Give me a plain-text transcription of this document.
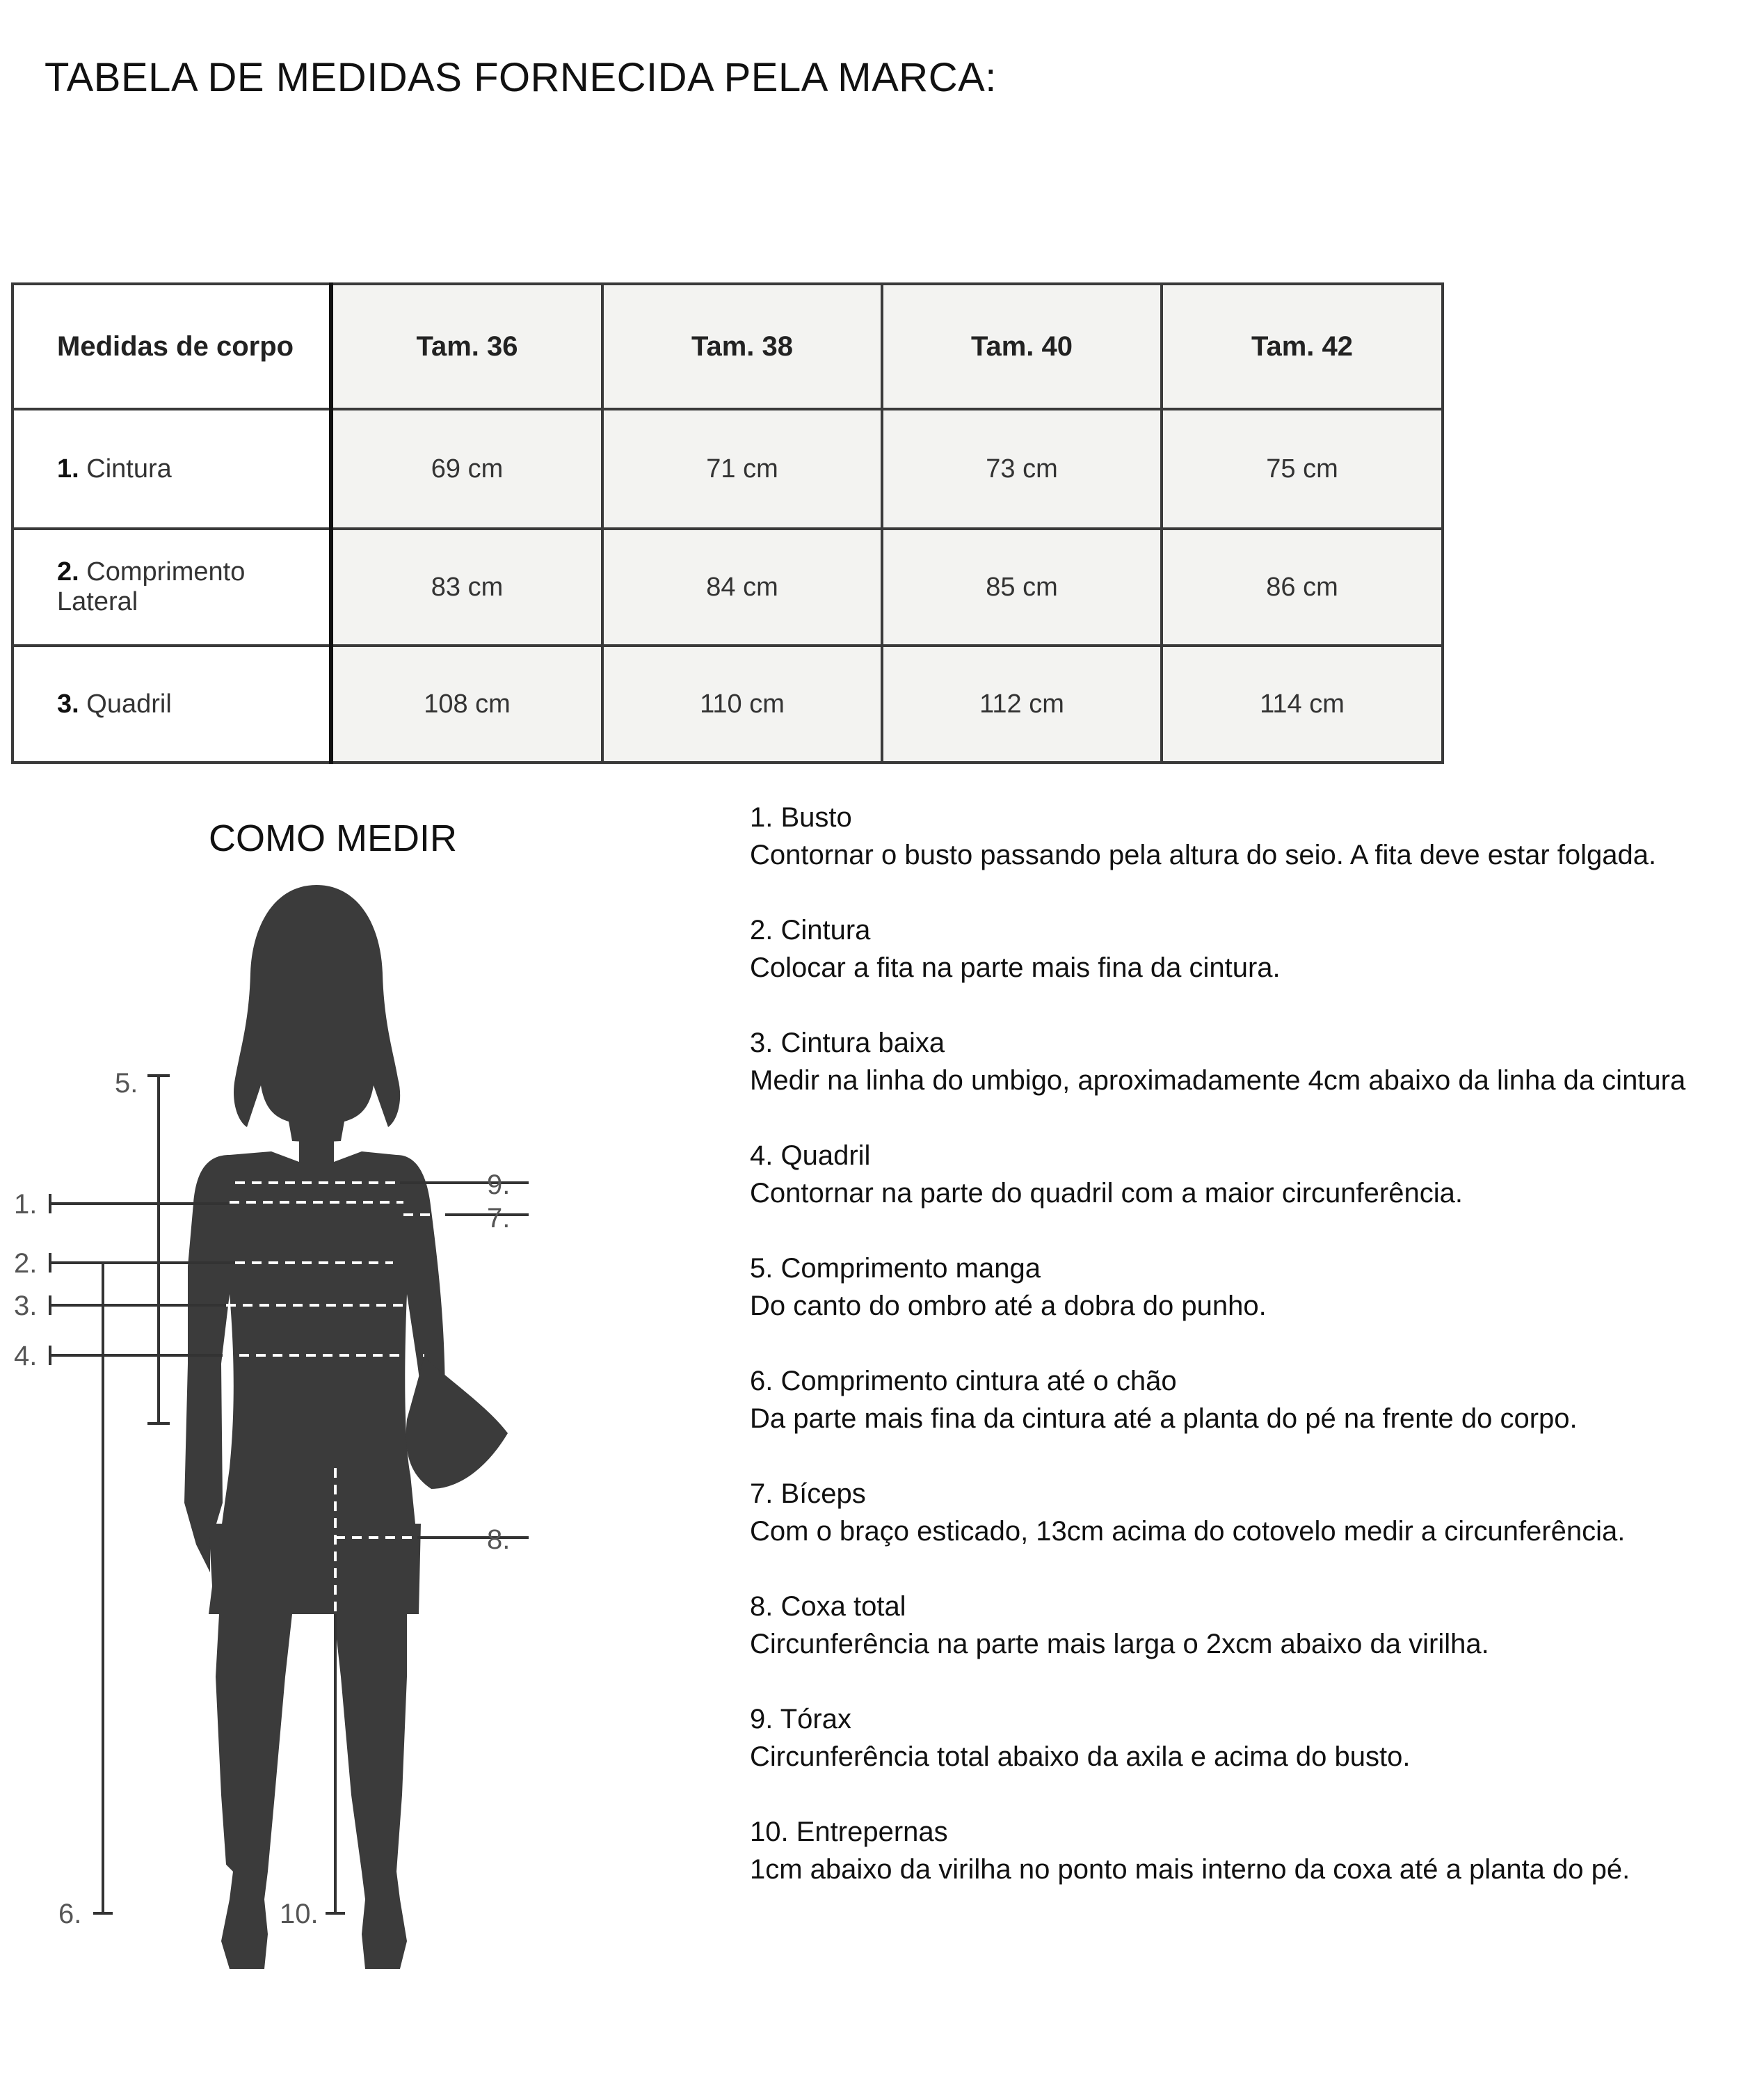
TABELA DE MEDIDAS FORNECIDA PELA MARCA:
Medidas de corpo	Tam. 36	Tam. 38	Tam. 40	Tam. 42
1. Cintura	69 cm	71 cm	73 cm	75 cm
2. Comprimento Lateral	83 cm	84 cm	85 cm	86 cm
3. Quadril	108 cm	110 cm	112 cm	114 cm
COMO MEDIR
1.
2.
3.
4.
5.
6.
7.
8.
9.
10.
1. Busto
Contornar o busto passando pela altura do seio. A fita deve estar folgada.
2. Cintura
Colocar a fita na parte mais fina da cintura.
3. Cintura baixa
Medir na linha do umbigo, aproximadamente 4cm abaixo da linha da cintura
4. Quadril
Contornar na parte do quadril com a maior circunferência.
5. Comprimento manga
Do canto do ombro até a dobra do punho.
6. Comprimento cintura até o chão
Da parte mais fina da cintura até a planta do pé na frente do corpo.
7. Bíceps
Com o braço esticado, 13cm acima do cotovelo medir a circunferência.
8. Coxa total
Circunferência na parte mais larga o 2xcm abaixo da virilha.
9. Tórax
Circunferência total abaixo da axila e acima do busto.
10. Entrepernas
1cm abaixo da virilha no ponto mais interno da coxa até a planta do pé.
